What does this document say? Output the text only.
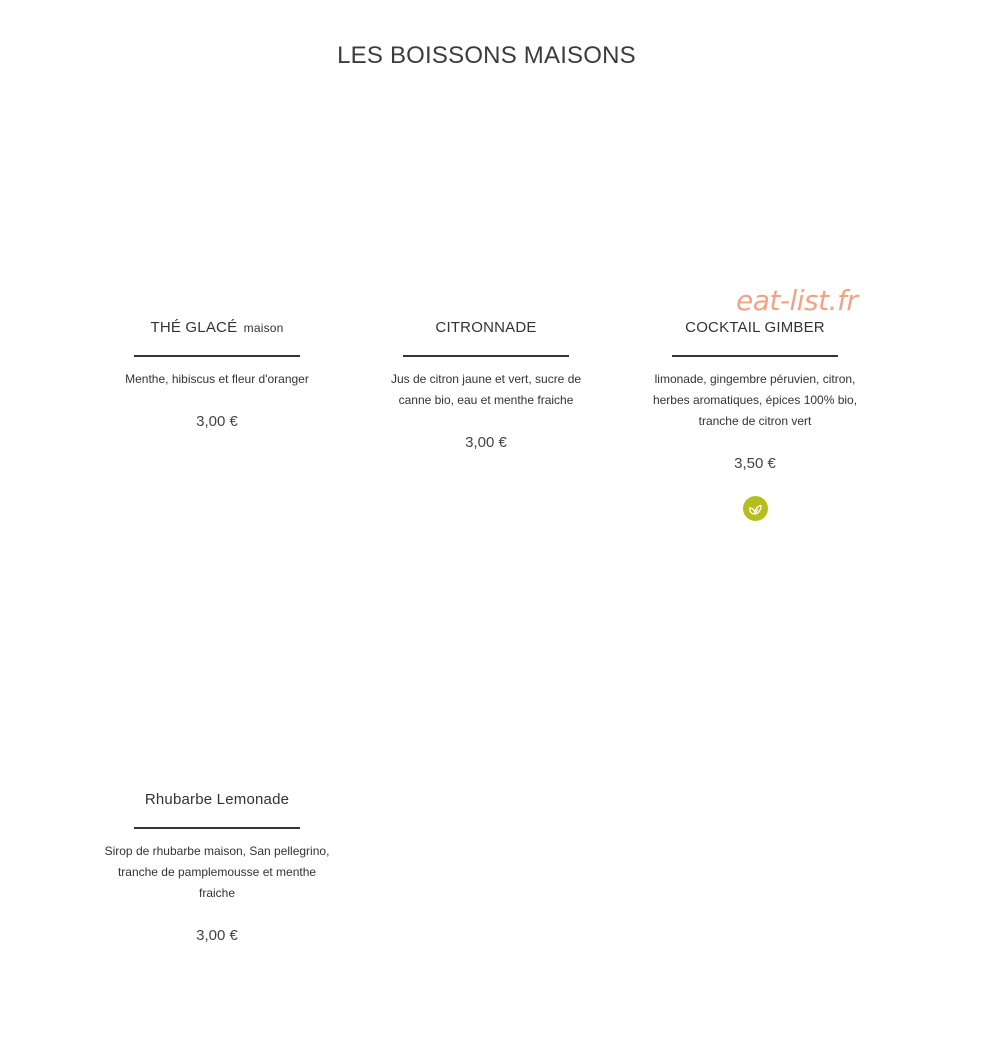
LES BOISSONS MAISONS
eat-list.fr
THÉ GLACÉ maison
Menthe, hibiscus et fleur d'oranger
3,00 €
CITRONNADE
Jus de citron jaune et vert, sucre de canne bio, eau et menthe fraiche
3,00 €
COCKTAIL GIMBER
limonade, gingembre péruvien, citron, herbes aromatiques, épices 100% bio, tranche de citron vert
3,50 €
Rhubarbe Lemonade
Sirop de rhubarbe maison, San pellegrino, tranche de pamplemousse et menthe fraiche
3,00 €
